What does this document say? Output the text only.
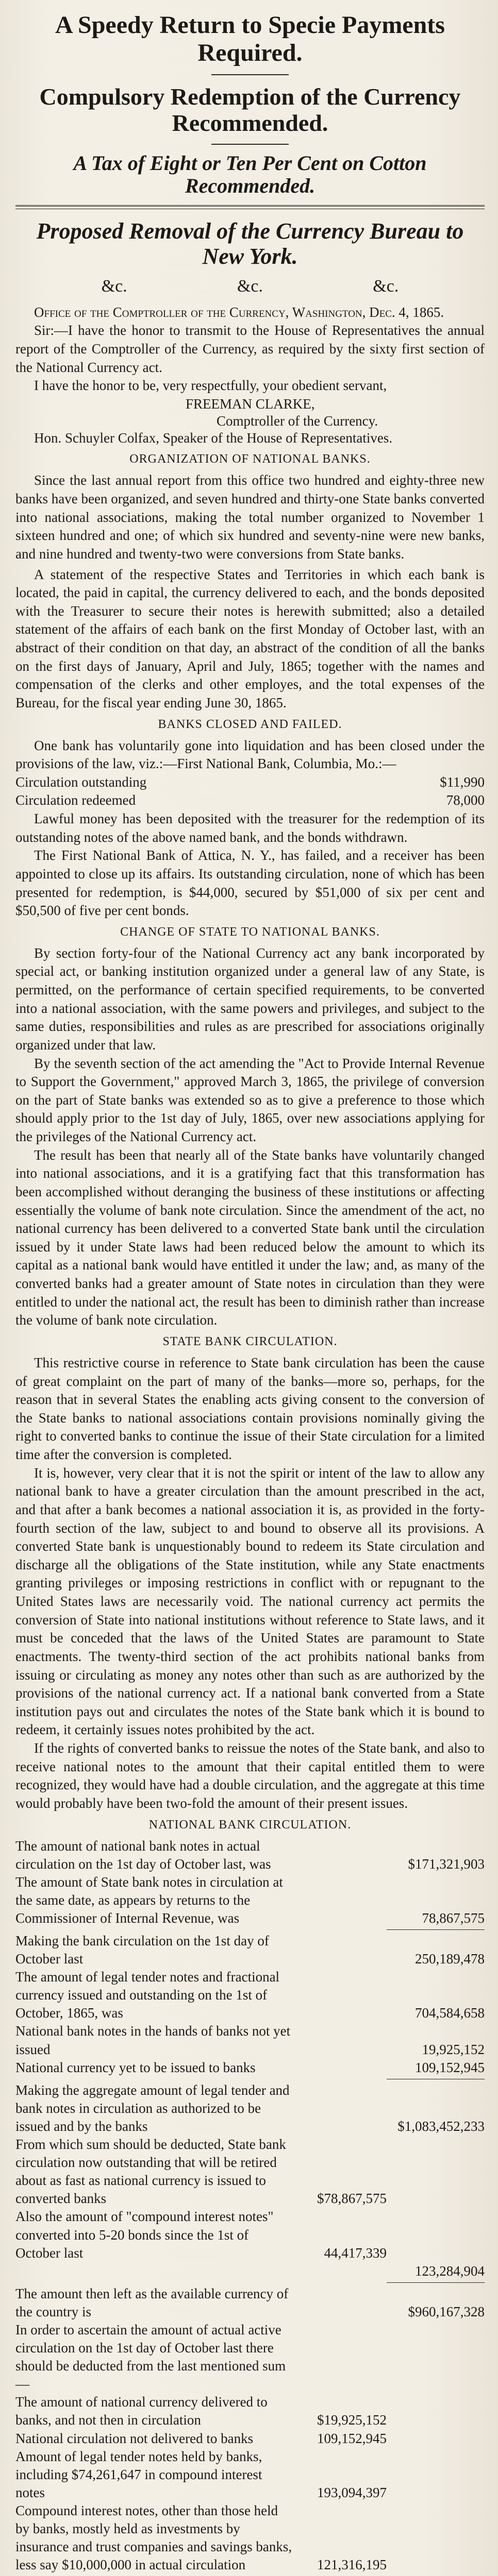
A Speedy Return to Specie Payments Required.
Compulsory Redemption of the Currency Recommended.
A Tax of Eight or Ten Per Cent on Cotton Recommended.
Proposed Removal of the Currency Bureau to New York.
&c.	&c.	&c.

Office of the Comptroller of the Currency, Washington, Dec. 4, 1865.

Sir:—I have the honor to transmit to the House of Representatives the annual report of the Comptroller of the Currency, as required by the sixty first section of the National Currency act.

I have the honor to be, very respectfully, your obedient servant,

FREEMAN CLARKE,
Comptroller of the Currency.

Hon. Schuyler Colfax, Speaker of the House of Representatives.

ORGANIZATION OF NATIONAL BANKS.

Since the last annual report from this office two hundred and eighty-three new banks have been organized, and seven hundred and thirty-one State banks converted into national associations, making the total number organized to November 1 sixteen hundred and one; of which six hundred and seventy-nine were new banks, and nine hundred and twenty-two were conversions from State banks.

A statement of the respective States and Territories in which each bank is located, the paid in capital, the currency delivered to each, and the bonds deposited with the Treasurer to secure their notes is herewith submitted; also a detailed statement of the affairs of each bank on the first Monday of October last, with an abstract of their condition on that day, an abstract of the condition of all the banks on the first days of January, April and July, 1865; together with the names and compensation of the clerks and other employes, and the total expenses of the Bureau, for the fiscal year ending June 30, 1865.

BANKS CLOSED AND FAILED.

One bank has voluntarily gone into liquidation and has been closed under the provisions of the law, viz.:—First National Bank, Columbia, Mo.:—

Circulation outstanding	$11,990
Circulation redeemed	78,000

Lawful money has been deposited with the treasurer for the redemption of its outstanding notes of the above named bank, and the bonds withdrawn.

The First National Bank of Attica, N. Y., has failed, and a receiver has been appointed to close up its affairs. Its outstanding circulation, none of which has been presented for redemption, is $44,000, secured by $51,000 of six per cent and $50,500 of five per cent bonds.

CHANGE OF STATE TO NATIONAL BANKS.

By section forty-four of the National Currency act any bank incorporated by special act, or banking institution organized under a general law of any State, is permitted, on the performance of certain specified requirements, to be converted into a national association, with the same powers and privileges, and subject to the same duties, responsibilities and rules as are prescribed for associations originally organized under that law.

By the seventh section of the act amending the "Act to Provide Internal Revenue to Support the Government," approved March 3, 1865, the privilege of conversion on the part of State banks was extended so as to give a preference to those which should apply prior to the 1st day of July, 1865, over new associations applying for the privileges of the National Currency act.

The result has been that nearly all of the State banks have voluntarily changed into national associations, and it is a gratifying fact that this transformation has been accomplished without deranging the business of these institutions or affecting essentially the volume of bank note circulation. Since the amendment of the act, no national currency has been delivered to a converted State bank until the circulation issued by it under State laws had been reduced below the amount to which its capital as a national bank would have entitled it under the law; and, as many of the converted banks had a greater amount of State notes in circulation than they were entitled to under the national act, the result has been to diminish rather than increase the volume of bank note circulation.

STATE BANK CIRCULATION.

This restrictive course in reference to State bank circulation has been the cause of great complaint on the part of many of the banks—more so, perhaps, for the reason that in several States the enabling acts giving consent to the conversion of the State banks to national associations contain provisions nominally giving the right to converted banks to continue the issue of their State circulation for a limited time after the conversion is completed.

It is, however, very clear that it is not the spirit or intent of the law to allow any national bank to have a greater circulation than the amount prescribed in the act, and that after a bank becomes a national association it is, as provided in the forty-fourth section of the law, subject to and bound to observe all its provisions. A converted State bank is unquestionably bound to redeem its State circulation and discharge all the obligations of the State institution, while any State enactments granting privileges or imposing restrictions in conflict with or repugnant to the United States laws are necessarily void. The national currency act permits the conversion of State into national institutions without reference to State laws, and it must be conceded that the laws of the United States are paramount to State enactments. The twenty-third section of the act prohibits national banks from issuing or circulating as money any notes other than such as are authorized by the provisions of the national currency act. If a national bank converted from a State institution pays out and circulates the notes of the State bank which it is bound to redeem, it certainly issues notes prohibited by the act.

If the rights of converted banks to reissue the notes of the State bank, and also to receive national notes to the amount that their capital entitled them to were recognized, they would have had a double circulation, and the aggregate at this time would probably have been two-fold the amount of their present issues.

NATIONAL BANK CIRCULATION.
The amount of national bank notes in actual circulation on the 1st day of October last, was	$171,321,903
The amount of State bank notes in circulation at the same date, as appears by returns to the Commissioner of Internal Revenue, was	78,867,575
Making the bank circulation on the 1st day of October last	250,189,478
The amount of legal tender notes and fractional currency issued and outstanding on the 1st of October, 1865, was	704,584,658
National bank notes in the hands of banks not yet issued	19,925,152
National currency yet to be issued to banks	109,152,945
Making the aggregate amount of legal tender and bank notes in circulation as authorized to be issued and by the banks	$1,083,452,233
From which sum should be deducted, State bank circulation now outstanding that will be retired about as fast as national currency is issued to converted banks	$78,867,575
Also the amount of "compound interest notes" converted into 5-20 bonds since the 1st of October last	44,417,339
123,284,904
The amount then left as the available currency of the country is	$960,167,328
In order to ascertain the amount of actual active circulation on the 1st day of October last there should be deducted from the last mentioned sum—
The amount of national currency delivered to banks, and not then in circulation	$19,925,152
National circulation not delivered to banks	109,152,945
Amount of legal tender notes held by banks, including $74,261,647 in compound interest notes	193,094,397
Compound interest notes, other than those held by banks, mostly held as investments by insurance and trust companies and savings banks, less say $10,000,000 in actual circulation	121,316,195
